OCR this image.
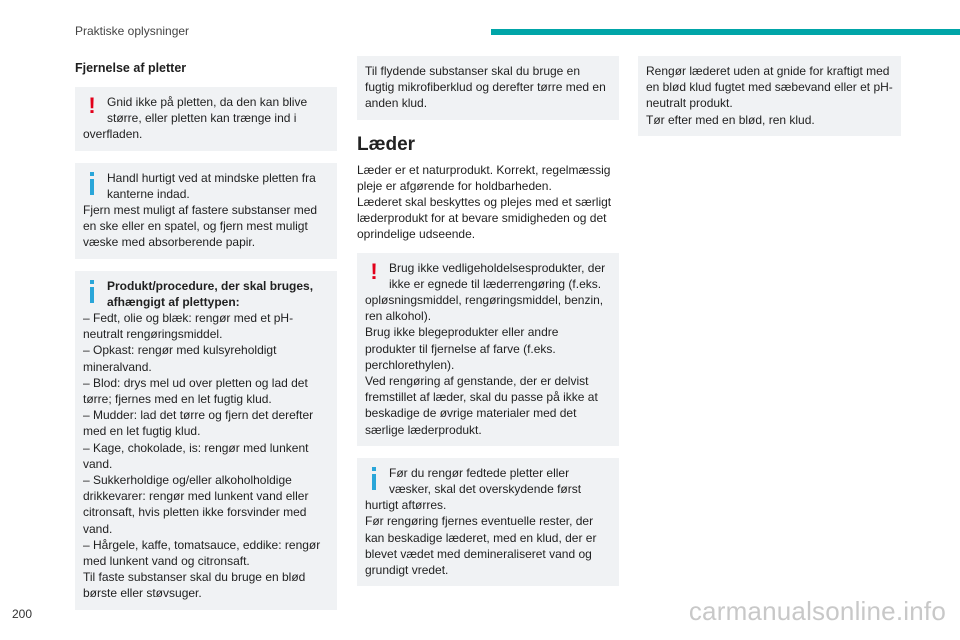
Praktiske oplysninger
Fjernelse af pletter
! Gnid ikke på pletten, da den kan blive større, eller pletten kan trænge ind i
overfladen.
Handl hurtigt ved at mindske pletten fra kanterne indad.
Fjern mest muligt af fastere substanser med en ske eller en spatel, og fjern mest muligt væske med absorberende papir.
Produkt/procedure, der skal bruges, afhængigt af plettypen:
– Fedt, olie og blæk: rengør med et pH-neutralt rengøringsmiddel.
– Opkast: rengør med kulsyreholdigt mineralvand.
– Blod: drys mel ud over pletten og lad det tørre; fjernes med en let fugtig klud.
– Mudder: lad det tørre og fjern det derefter med en let fugtig klud.
– Kage, chokolade, is: rengør med lunkent vand.
– Sukkerholdige og/eller alkoholholdige drikkevarer: rengør med lunkent vand eller citronsaft, hvis pletten ikke forsvinder med vand.
– Hårgele, kaffe, tomatsauce, eddike: rengør med lunkent vand og citronsaft.
Til faste substanser skal du bruge en blød børste eller støvsuger.
Til flydende substanser skal du bruge en fugtig mikrofiberklud og derefter tørre med en anden klud.
Læder
Læder er et naturprodukt. Korrekt, regelmæssig pleje er afgørende for holdbarheden.
Læderet skal beskyttes og plejes med et særligt læderprodukt for at bevare smidigheden og det oprindelige udseende.
! Brug ikke vedligeholdelsesprodukter, der ikke er egnede til læderrengøring (f.eks.
opløsningsmiddel, rengøringsmiddel, benzin, ren alkohol).
Brug ikke blegeprodukter eller andre produkter til fjernelse af farve (f.eks. perchlorethylen).
Ved rengøring af genstande, der er delvist fremstillet af læder, skal du passe på ikke at beskadige de øvrige materialer med det særlige læderprodukt.
Før du rengør fedtede pletter eller væsker, skal det overskydende først
hurtigt aftørres.
Før rengøring fjernes eventuelle rester, der kan beskadige læderet, med en klud, der er blevet vædet med demineraliseret vand og grundigt vredet.
Rengør læderet uden at gnide for kraftigt med en blød klud fugtet med sæbevand eller et pH-neutralt produkt.
Tør efter med en blød, ren klud.
200	carmanualsonline.info
